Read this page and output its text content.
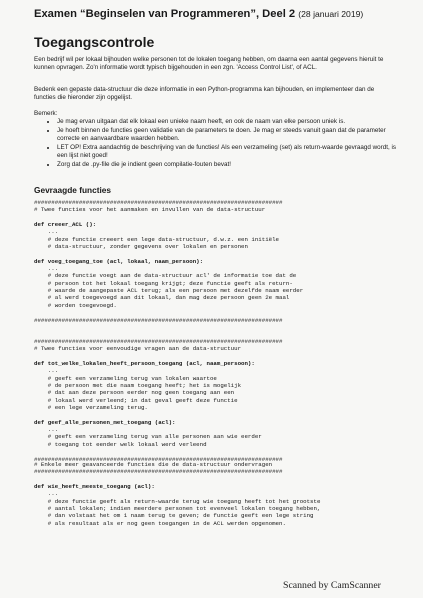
Examen “Beginselen van Programmeren”, Deel 2 (28 januari 2019)
Toegangscontrole
Een bedrijf wil per lokaal bijhouden welke personen tot de lokalen toegang hebben, om daarna een aantal gegevens hieruit te kunnen opvragen. Zo'n informatie wordt typisch bijgehouden in een zgn. 'Access Control List', of ACL.
Bedenk een gepaste data-structuur die deze informatie in een Python-programma kan bijhouden, en implementeer dan de functies die hieronder zijn opgelijst.
Bemerk:
• Je mag ervan uitgaan dat elk lokaal een unieke naam heeft, en ook de naam van elke persoon uniek is.
• Je hoeft binnen de functies geen validatie van de parameters te doen. Je mag er steeds vanuit gaan dat de parameter correcte en aanvaardbare waarden hebben.
• LET OP! Extra aandachtig de beschrijving van de functies! Als een verzameling (set) als return-waarde gevraagd wordt, is een lijst niet goed!
• Zorg dat de .py-file die je indient geen compilatie-fouten bevat!
Gevraagde functies
########################################################################
# Twee functies voor het aanmaken en invullen van de data-structuur

def creeer_ACL ():
...
# deze functie creeert een lege data-structuur, d.w.z. een initiële
# data-structuur, zonder gegevens over lokalen en personen

def voeg_toegang_toe (acl, lokaal, naam_persoon):
...
# deze functie voegt aan de data-structuur acl' de informatie toe dat de
# persoon tot het lokaal toegang krijgt; deze functie geeft als return-
# waarde de aangepaste ACL terug; als een persoon met dezelfde naam eerder
# al werd toegevoegd aan dit lokaal, dan mag deze persoon geen 2e maal
# worden toegevoegd.

########################################################################
########################################################################
# Twee functies voor eenvoudige vragen aan de data-structuur

def tot_welke_lokalen_heeft_persoon_toegang (acl, naam_persoon):
...
# geeft een verzameling terug van lokalen waartoe
# de persoon met die naam toegang heeft; het is mogelijk
# dat aan deze persoon eerder nog geen toegang aan een
# lokaal werd verleend; in dat geval geeft deze functie
# een lege verzameling terug.

def geef_alle_personen_met_toegang (acl):
...
# geeft een verzameling terug van alle personen aan wie eerder
# toegang tot eender welk lokaal werd verleend

########################################################################
# Enkele meer geavanceerde functies die de data-structuur ondervragen
########################################################################

def wie_heeft_meeste_toegang (acl):
...
# deze functie geeft als return-waarde terug wie toegang heeft tot het grootste
# aantal lokalen; indien meerdere personen tot evenveel lokalen toegang hebben,
# dan volstaat het om 1 naam terug te geven; de functie geeft een lege string
# als resultaat als er nog geen toegangen in de ACL werden opgenomen.
Scanned by CamScanner
